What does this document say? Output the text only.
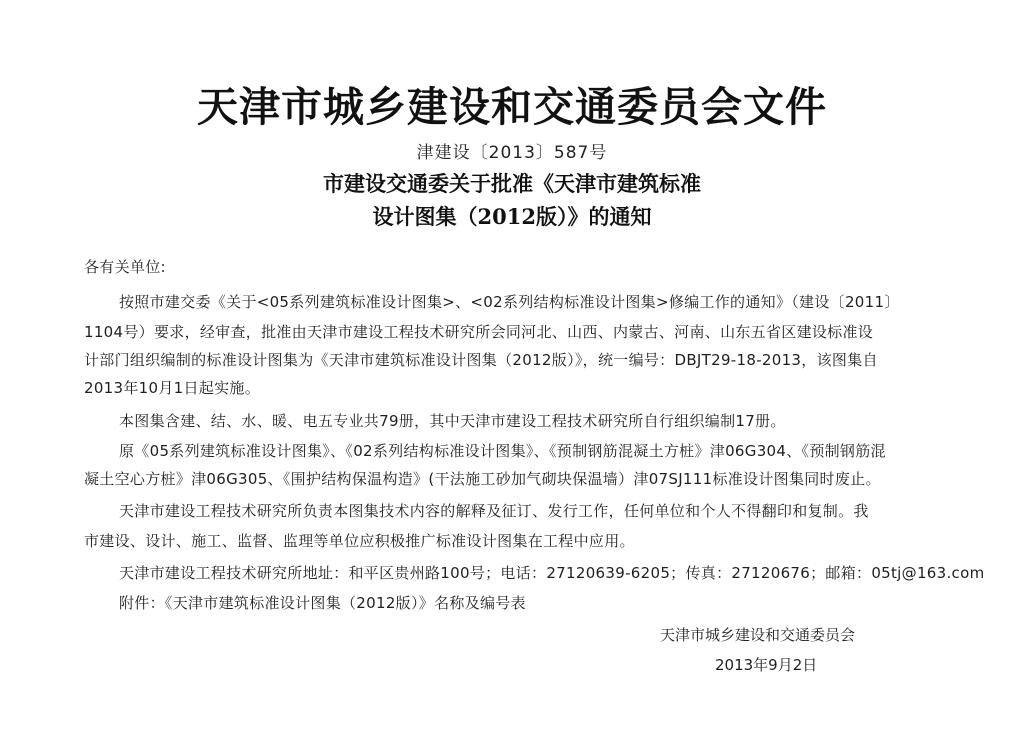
天津市城乡建设和交通委员会文件
津建设〔2013〕587号
市建设交通委关于批准《天津市建筑标准
设计图集（2012版）》的通知
各有关单位:
按照市建交委《关于<05系列建筑标准设计图集>、<02系列结构标准设计图集>修编工作的通知》（建设〔2011〕
1104号）要求，经审查，批准由天津市建设工程技术研究所会同河北、山西、内蒙古、河南、山东五省区建设标准设
计部门组织编制的标准设计图集为《天津市建筑标准设计图集（2012版）》，统一编号：DBJT29-18-2013，该图集自
2013年10月1日起实施。
本图集含建、结、水、暖、电五专业共79册，其中天津市建设工程技术研究所自行组织编制17册。
原《05系列建筑标准设计图集》、《02系列结构标准设计图集》、《预制钢筋混凝土方桩》津06G304、《预制钢筋混
凝土空心方桩》津06G305、《围护结构保温构造》(干法施工砂加气砌块保温墙）津07SJ111标准设计图集同时废止。
天津市建设工程技术研究所负责本图集技术内容的解释及征订、发行工作，任何单位和个人不得翻印和复制。我
市建设、设计、施工、监督、监理等单位应积极推广标准设计图集在工程中应用。
天津市建设工程技术研究所地址：和平区贵州路100号；电话：27120639-6205；传真：27120676；邮箱：05tj@163.com
附件：《天津市建筑标准设计图集（2012版）》名称及编号表
天津市城乡建设和交通委员会
2013年9月2日
